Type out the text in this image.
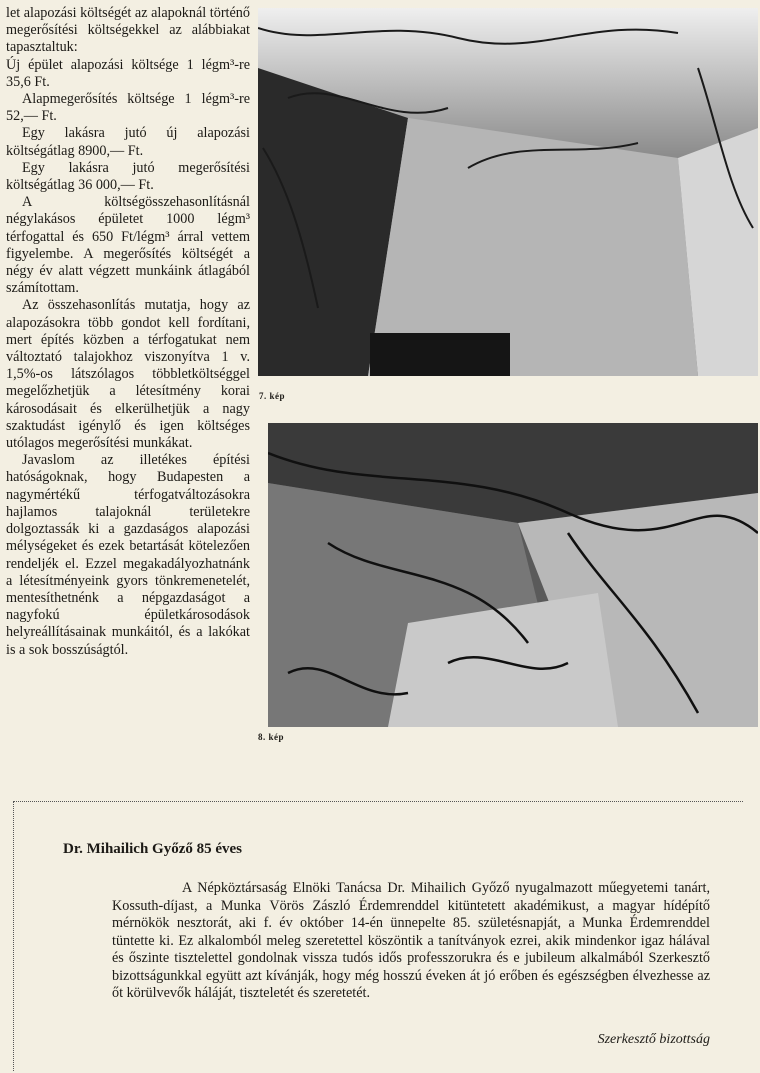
let alapozási költségét az alapoknál történő megerősítési költségekkel az alábbiakat tapasztaltuk:

Új épület alapozási költsége 1 légm³-re 35,6 Ft.

Alapmegerősítés költsége 1 légm³-re 52,— Ft.

Egy lakásra jutó új alapozási költségátlag 8900,— Ft.

Egy lakásra jutó megerősítési költségátlag 36 000,— Ft.

A költségösszehasonlításnál négylakásos épületet 1000 légm³ térfogattal és 650 Ft/légm³ árral vettem figyelembe. A megerősítés költségét a négy év alatt végzett munkáink átlagából számítottam.

Az összehasonlítás mutatja, hogy az alapozásokra több gondot kell fordítani, mert építés közben a térfogatukat nem változtató talajokhoz viszonyítva 1 v. 1,5%-os látszólagos többletköltséggel megelőzhetjük a létesítmény korai károsodásait és elkerülhetjük a nagy szaktudást igénylő és igen költséges utólagos megerősítési munkákat.

Javaslom az illetékes építési hatóságoknak, hogy Budapesten a nagymértékű térfogatváltozásokra hajlamos talajoknál területekre dolgoztassák ki a gazdaságos alapozási mélységeket és ezek betartását kötelezően rendeljék el. Ezzel megakadályozhatnánk a létesítményeink gyors tönkremenetelét, mentesíthetnénk a népgazdaságot a nagyfokú épületkárosodások helyreállításainak munkáitól, és a lakókat is a sok bosszúságtól.

7. kép
8. kép
Dr. Mihailich Győző 85 éves

A Népköztársaság Elnöki Tanácsa Dr. Mihailich Győző nyugalmazott műegyetemi tanárt, Kossuth-díjast, a Munka Vörös Zászló Érdemrenddel kitüntetett akadémikust, a magyar hídépítő mérnökök nesztorát, aki f. év október 14-én ünnepelte 85. születésnapját, a Munka Érdemrenddel tüntette ki. Ez alkalomból meleg szeretettel köszöntik a tanítványok ezrei, akik mindenkor igaz hálával és őszinte tisztelettel gondolnak vissza tudós idős professzorukra és e jubileum alkalmából Szerkesztő bizottságunkkal együtt azt kívánják, hogy még hosszú éveken át jó erőben és egészségben élvezhesse az őt körülvevők háláját, tiszteletét és szeretetét.

Szerkesztő bizottság
